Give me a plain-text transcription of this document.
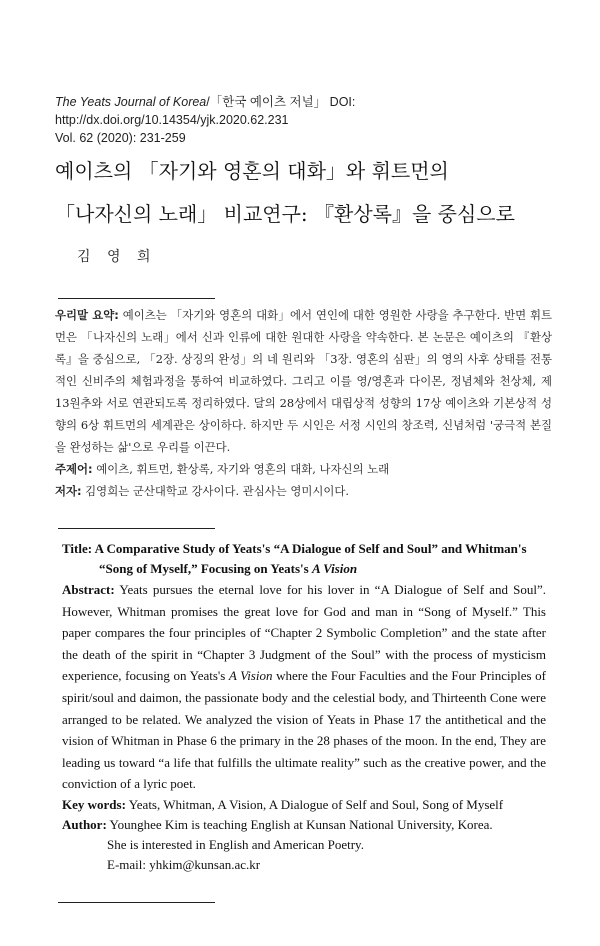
The Yeats Journal of Korea/「한국 예이츠 저널」 DOI: http://dx.doi.org/10.14354/yjk.2020.62.231
Vol. 62 (2020): 231-259
예이츠의 「자기와 영혼의 대화」와 휘트먼의
「나자신의 노래」 비교연구: 『환상록』을 중심으로
김 영 희

우리말 요약: 예이츠는 「자기와 영혼의 대화」에서 연인에 대한 영원한 사랑을 추구한다. 반면 휘트먼은 「나자신의 노래」에서 신과 인류에 대한 원대한 사랑을 약속한다. 본 논문은 예이츠의 『환상록』을 중심으로, 「2장. 상징의 완성」의 네 원리와 「3장. 영혼의 심판」의 영의 사후 상태를 전통적인 신비주의 체험과정을 통하여 비교하였다. 그리고 이를 영/영혼과 다이몬, 정념체와 천상체, 제13원추와 서로 연관되도록 정리하였다. 달의 28상에서 대립상적 성향의 17상 예이츠와 기본상적 성향의 6상 휘트먼의 세계관은 상이하다. 하지만 두 시인은 서정 시인의 창조력, 신념처럼 '궁극적 본질을 완성하는 삶'으로 우리를 이끈다.

주제어: 예이츠, 휘트먼, 환상록, 자기와 영혼의 대화, 나자신의 노래

저자: 김영희는 군산대학교 강사이다. 관심사는 영미시이다.

Title: A Comparative Study of Yeats's “A Dialogue of Self and Soul” and Whitman's
“Song of Myself,” Focusing on Yeats's A Vision

Abstract: Yeats pursues the eternal love for his lover in “A Dialogue of Self and Soul”. However, Whitman promises the great love for God and man in “Song of Myself.” This paper compares the four principles of “Chapter 2 Symbolic Completion” and the state after the death of the spirit in “Chapter 3 Judgment of the Soul” with the process of mysticism experience, focusing on Yeats's A Vision where the Four Faculties and the Four Principles of spirit/soul and daimon, the passionate body and the celestial body, and Thirteenth Cone were arranged to be related. We analyzed the vision of Yeats in Phase 17 the antithetical and the vision of Whitman in Phase 6 the primary in the 28 phases of the moon. In the end, They are leading us toward “a life that fulfills the ultimate reality” such as the creative power, and the conviction of a lyric poet.

Key words: Yeats, Whitman, A Vision, A Dialogue of Self and Soul, Song of Myself

Author: Younghee Kim is teaching English at Kunsan National University, Korea.
She is interested in English and American Poetry.
E-mail: yhkim@kunsan.ac.kr
